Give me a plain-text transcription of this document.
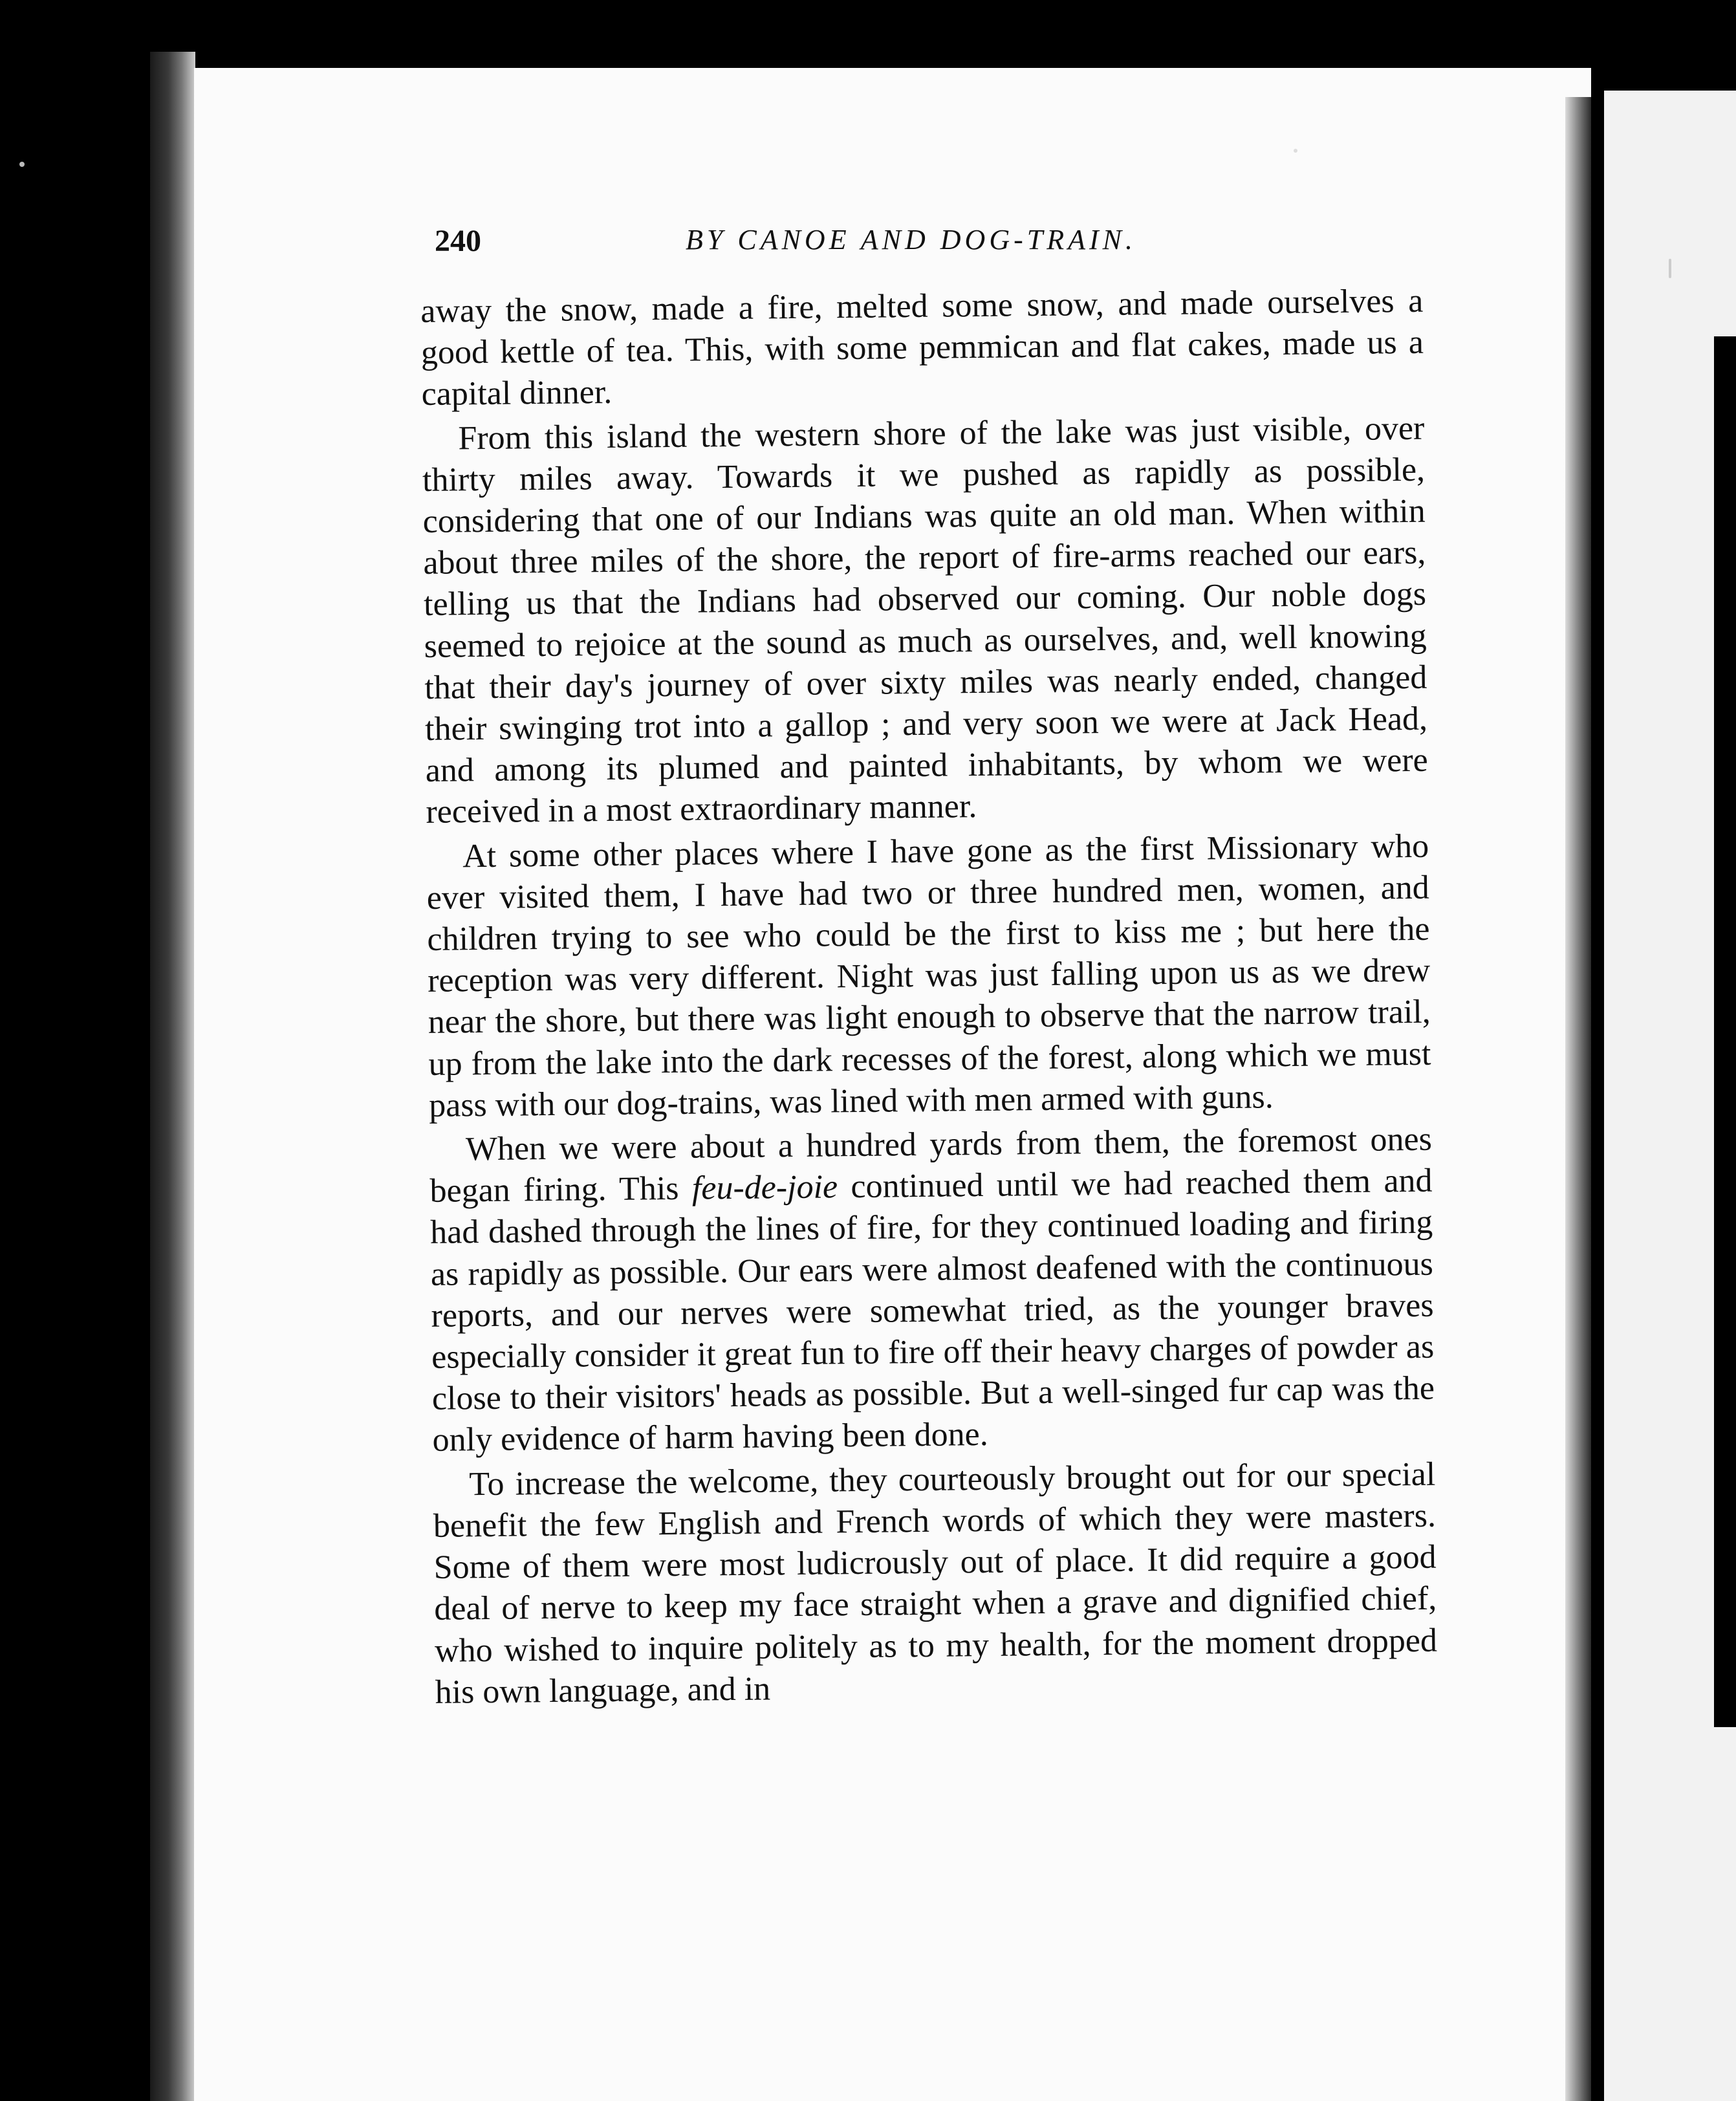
240	BY CANOE AND DOG-TRAIN.

away the snow, made a fire, melted some snow, and made ourselves a good kettle of tea. This, with some pemmican and flat cakes, made us a capital dinner.

From this island the western shore of the lake was just visible, over thirty miles away. Towards it we pushed as rapidly as possible, considering that one of our Indians was quite an old man. When within about three miles of the shore, the report of fire-arms reached our ears, telling us that the Indians had observed our coming. Our noble dogs seemed to rejoice at the sound as much as ourselves, and, well knowing that their day's journey of over sixty miles was nearly ended, changed their swinging trot into a gallop ; and very soon we were at Jack Head, and among its plumed and painted inhabitants, by whom we were received in a most extraordinary manner.

At some other places where I have gone as the first Missionary who ever visited them, I have had two or three hundred men, women, and children trying to see who could be the first to kiss me ; but here the reception was very different. Night was just falling upon us as we drew near the shore, but there was light enough to observe that the narrow trail, up from the lake into the dark recesses of the forest, along which we must pass with our dog-trains, was lined with men armed with guns.

When we were about a hundred yards from them, the foremost ones began firing. This feu-de-joie continued until we had reached them and had dashed through the lines of fire, for they continued loading and firing as rapidly as possible. Our ears were almost deafened with the continuous reports, and our nerves were somewhat tried, as the younger braves especially consider it great fun to fire off their heavy charges of powder as close to their visitors' heads as possible. But a well-singed fur cap was the only evidence of harm having been done.

To increase the welcome, they courteously brought out for our special benefit the few English and French words of which they were masters. Some of them were most ludicrously out of place. It did require a good deal of nerve to keep my face straight when a grave and dignified chief, who wished to inquire politely as to my health, for the moment dropped his own language, and in
